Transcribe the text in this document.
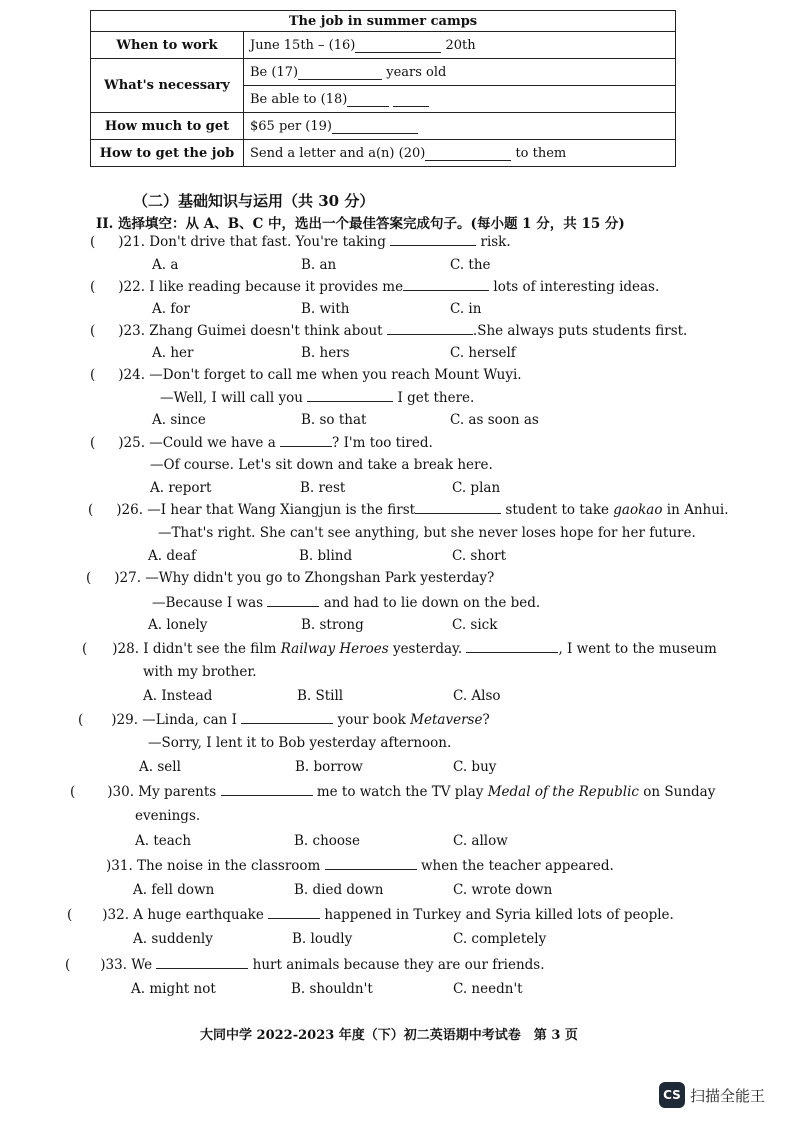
The job in summer camps	
When to work	June 15th – (16) 20th
What's necessary	Be (17) years old
	Be able to (18)
How much to get	$65 per (19)
How to get the job	Send a letter and a(n) (20) to them
（二）基础知识与运用（共 30 分）
II. 选择填空：从 A、B、C 中，选出一个最佳答案完成句子。(每小题 1 分，共 15 分)
( )21. Don't drive that fast. You're taking	risk.
A. a	B. an	C. the
( )22. I like reading because it provides me	lots of interesting ideas.
A. for	B. with	C. in
( )23. Zhang Guimei doesn't think about	.She always puts students first.
A. her	B. hers	C. herself
( )24. —Don't forget to call me when you reach Mount Wuyi.
—Well, I will call you	I get there.
A. since	B. so that	C. as soon as
( )25. —Could we have a	? I'm too tired.
—Of course. Let's sit down and take a break here.
A. report	B. rest	C. plan
( )26. —I hear that Wang Xiangjun is the first	student to take gaokao in Anhui.
—That's right. She can't see anything, but she never loses hope for her future.
A. deaf	B. blind	C. short
( )27. —Why didn't you go to Zhongshan Park yesterday?
—Because I was	and had to lie down on the bed.
A. lonely	B. strong	C. sick
( )28. I didn't see the film Railway Heroes yesterday.	, I went to the museum
with my brother.
A. Instead	B. Still	C. Also
( )29. —Linda, can I	your book Metaverse?
—Sorry, I lent it to Bob yesterday afternoon.
A. sell	B. borrow	C. buy
( )30. My parents	me to watch the TV play Medal of the Republic on Sunday
evenings.
A. teach	B. choose	C. allow
)31. The noise in the classroom	when the teacher appeared.
A. fell down	B. died down	C. wrote down
( )32. A huge earthquake	happened in Turkey and Syria killed lots of people.
A. suddenly	B. loudly	C. completely
( )33. We	hurt animals because they are our friends.
A. might not	B. shouldn't	C. needn't
大同中学 2022-2023 年度（下）初二英语期中考试卷　第 3 页
CS 扫描全能王
